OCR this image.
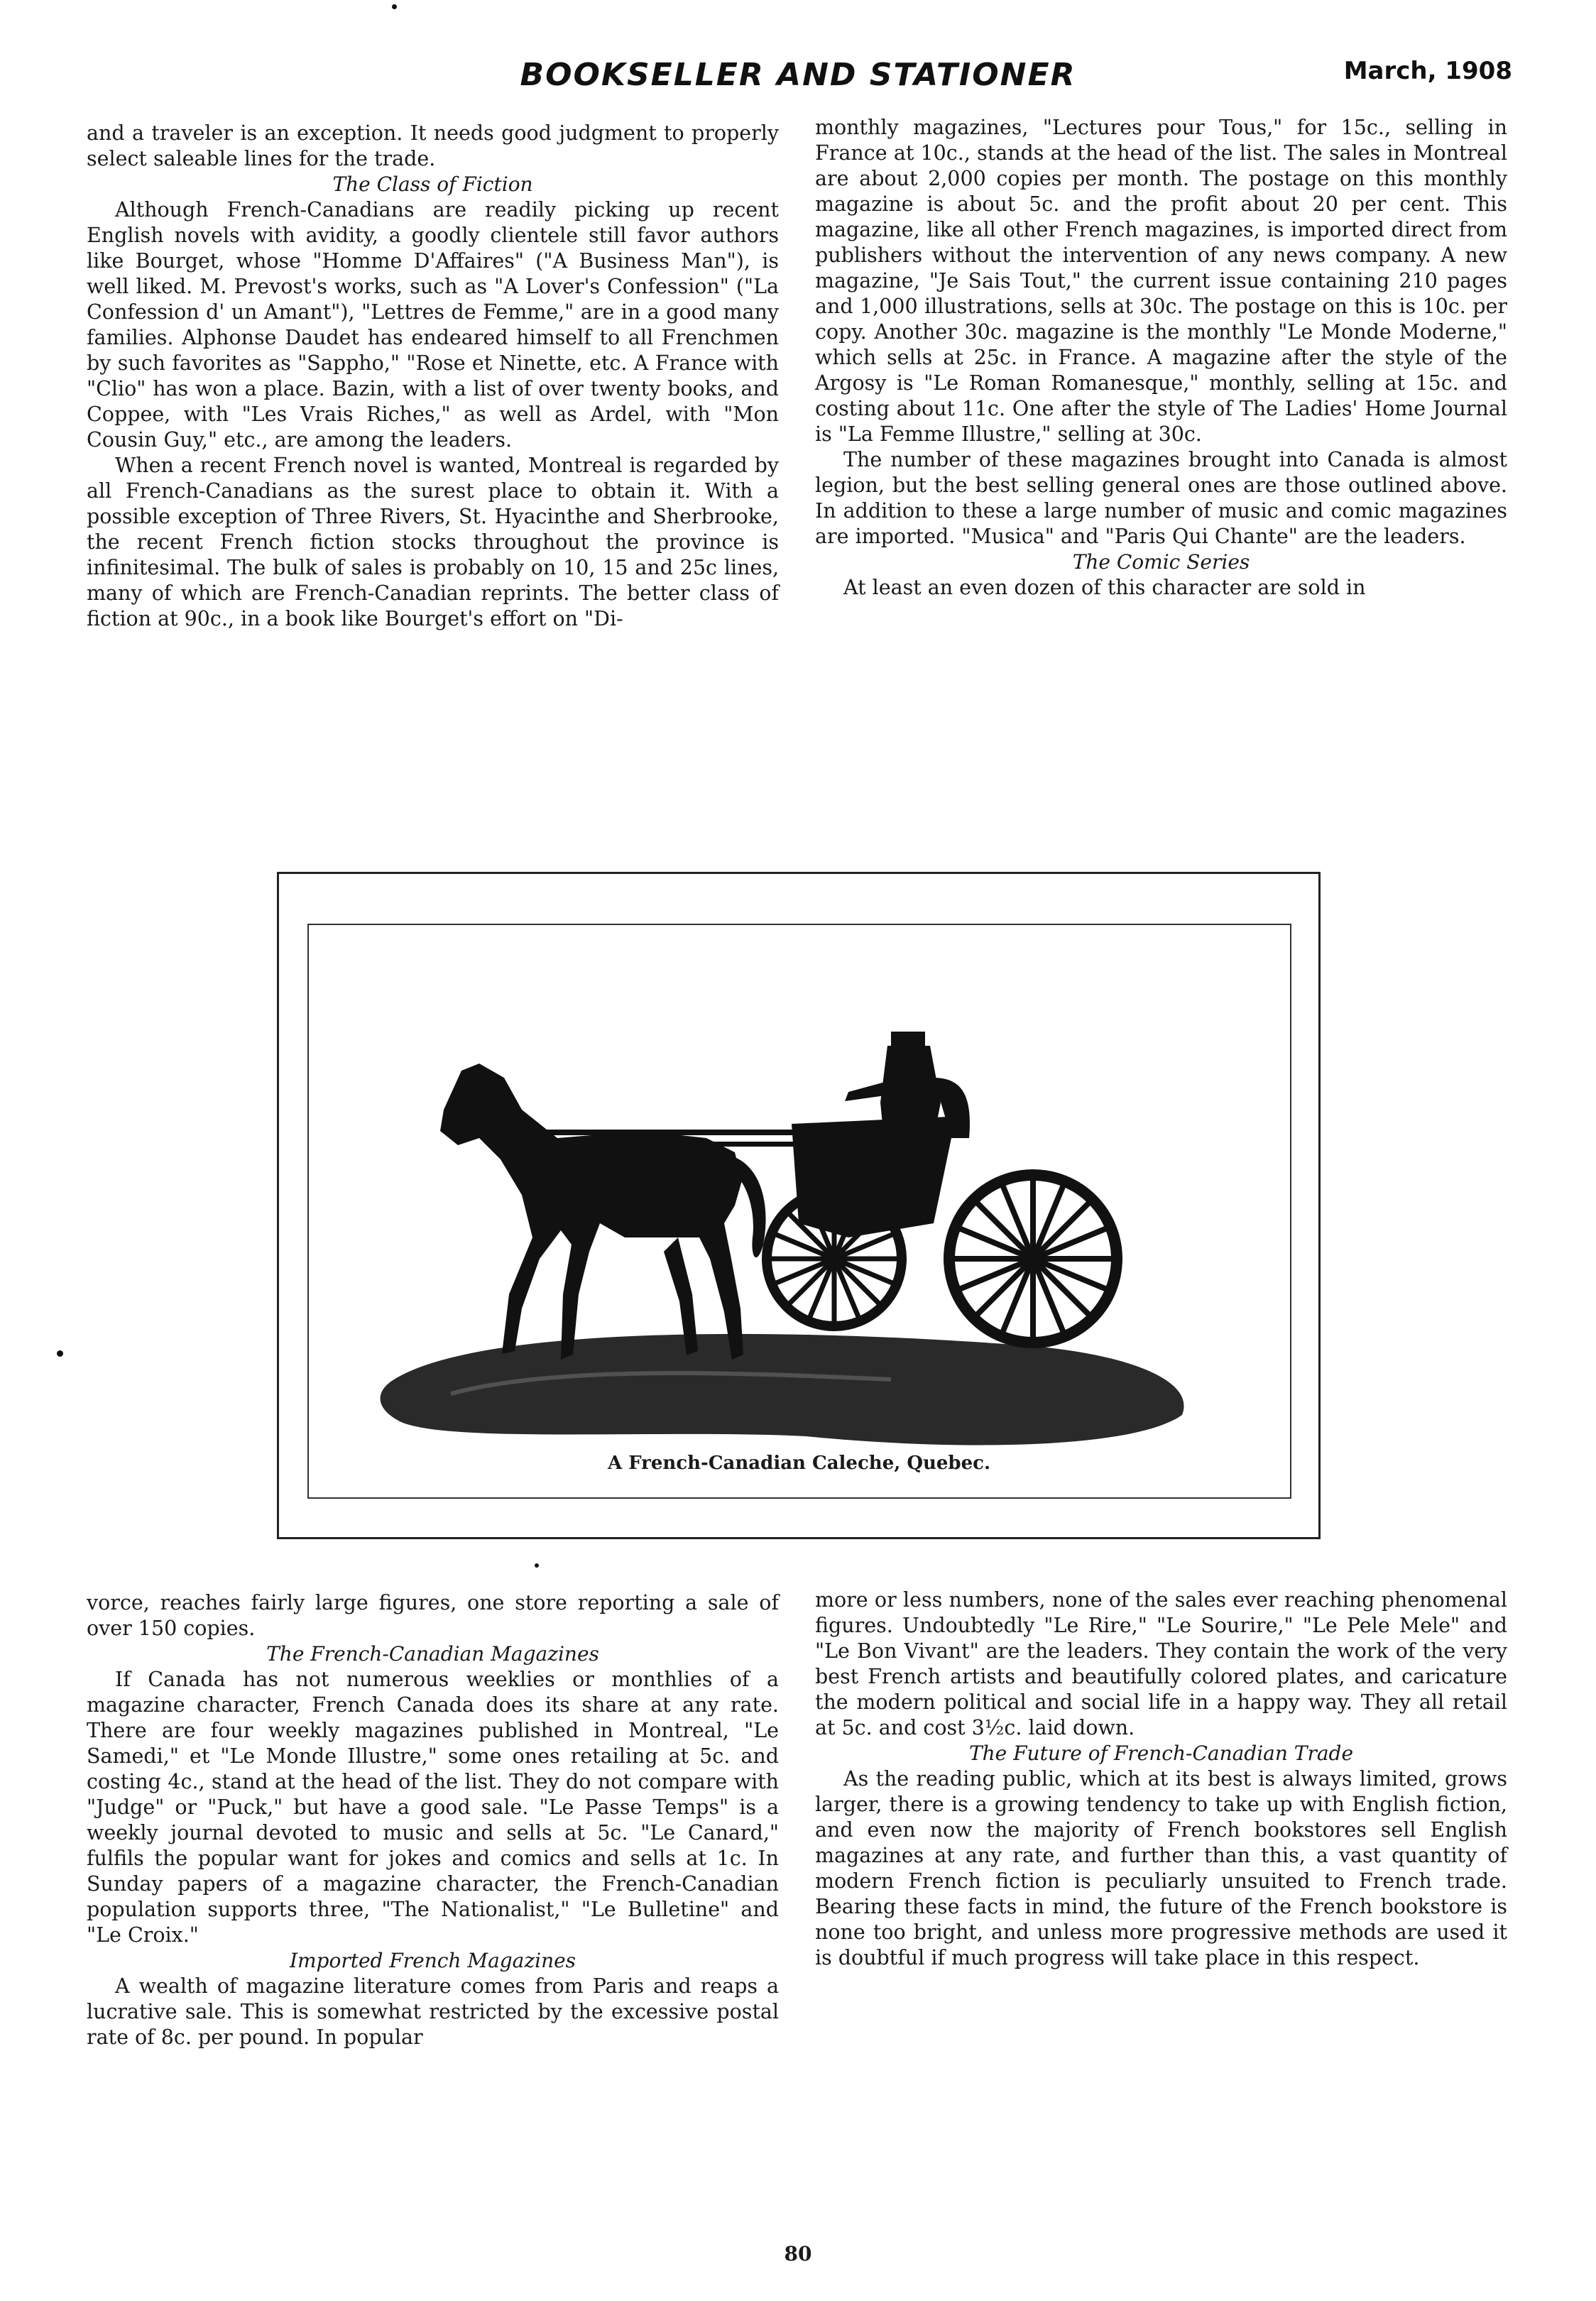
BOOKSELLER AND STATIONER	March, 1908

and a traveler is an exception. It needs good judgment to properly select saleable lines for the trade.

The Class of Fiction

Although French-Canadians are readily picking up recent English novels with avidity, a goodly clientele still favor authors like Bourget, whose "Homme D'Affaires" ("A Business Man"), is well liked. M. Prevost's works, such as "A Lover's Confession" ("La Confession d' un Amant"), "Lettres de Femme," are in a good many families. Alphonse Daudet has endeared himself to all Frenchmen by such favorites as "Sappho," "Rose et Ninette, etc. A France with "Clio" has won a place. Bazin, with a list of over twenty books, and Coppee, with "Les Vrais Riches," as well as Ardel, with "Mon Cousin Guy," etc., are among the leaders.

When a recent French novel is wanted, Montreal is regarded by all French-Canadians as the surest place to obtain it. With a possible exception of Three Rivers, St. Hyacinthe and Sherbrooke, the recent French fiction stocks throughout the province is infinitesimal. The bulk of sales is probably on 10, 15 and 25c lines, many of which are French-Canadian reprints. The better class of fiction at 90c., in a book like Bourget's effort on "Di-

monthly magazines, "Lectures pour Tous," for 15c., selling in France at 10c., stands at the head of the list. The sales in Montreal are about 2,000 copies per month. The postage on this monthly magazine is about 5c. and the profit about 20 per cent. This magazine, like all other French magazines, is imported direct from publishers without the intervention of any news company. A new magazine, "Je Sais Tout," the current issue containing 210 pages and 1,000 illustrations, sells at 30c. The postage on this is 10c. per copy. Another 30c. magazine is the monthly "Le Monde Moderne," which sells at 25c. in France. A magazine after the style of the Argosy is "Le Roman Romanesque," monthly, selling at 15c. and costing about 11c. One after the style of The Ladies' Home Journal is "La Femme Illustre," selling at 30c.

The number of these magazines brought into Canada is almost legion, but the best selling general ones are those outlined above. In addition to these a large number of music and comic magazines are imported. "Musica" and "Paris Qui Chante" are the leaders.

The Comic Series

At least an even dozen of this character are sold in

A French-Canadian Caleche, Quebec.

vorce, reaches fairly large figures, one store reporting a sale of over 150 copies.

The French-Canadian Magazines

If Canada has not numerous weeklies or monthlies of a magazine character, French Canada does its share at any rate. There are four weekly magazines published in Montreal, "Le Samedi," et "Le Monde Illustre," some ones retailing at 5c. and costing 4c., stand at the head of the list. They do not compare with "Judge" or "Puck," but have a good sale. "Le Passe Temps" is a weekly journal devoted to music and sells at 5c. "Le Canard," fulfils the popular want for jokes and comics and sells at 1c. In Sunday papers of a magazine character, the French-Canadian population supports three, "The Nationalist," "Le Bulletine" and "Le Croix."

Imported French Magazines

A wealth of magazine literature comes from Paris and reaps a lucrative sale. This is somewhat restricted by the excessive postal rate of 8c. per pound. In popular

more or less numbers, none of the sales ever reaching phenomenal figures. Undoubtedly "Le Rire," "Le Sourire," "Le Pele Mele" and "Le Bon Vivant" are the leaders. They contain the work of the very best French artists and beautifully colored plates, and caricature the modern political and social life in a happy way. They all retail at 5c. and cost 3½c. laid down.

The Future of French-Canadian Trade

As the reading public, which at its best is always limited, grows larger, there is a growing tendency to take up with English fiction, and even now the majority of French bookstores sell English magazines at any rate, and further than this, a vast quantity of modern French fiction is peculiarly unsuited to French trade. Bearing these facts in mind, the future of the French bookstore is none too bright, and unless more progressive methods are used it is doubtful if much progress will take place in this respect.

80
